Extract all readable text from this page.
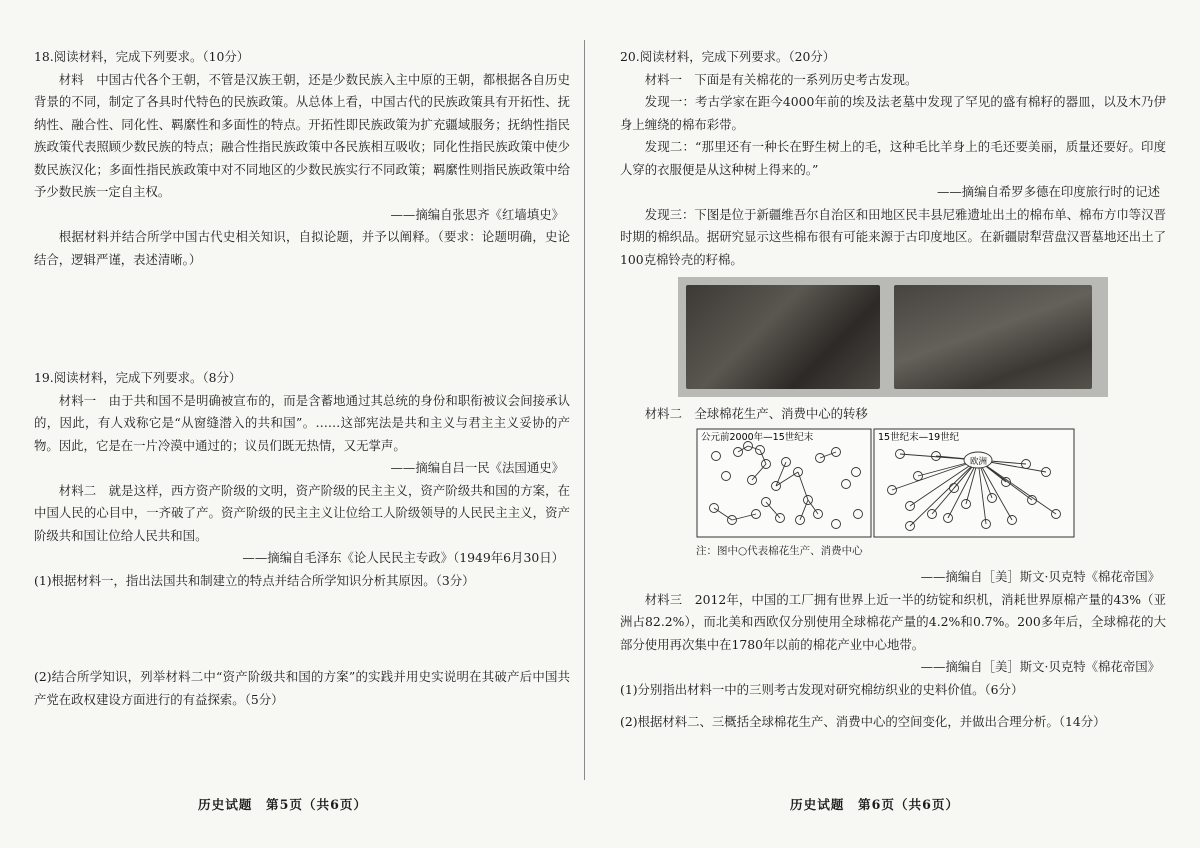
18.阅读材料，完成下列要求。（10分）

材料　中国古代各个王朝，不管是汉族王朝，还是少数民族入主中原的王朝，都根据各自历史背景的不同，制定了各具时代特色的民族政策。从总体上看，中国古代的民族政策具有开拓性、抚纳性、融合性、同化性、羁縻性和多面性的特点。开拓性即民族政策为扩充疆域服务；抚纳性指民族政策代表照顾少数民族的特点；融合性指民族政策中各民族相互吸收；同化性指民族政策中使少数民族汉化；多面性指民族政策中对不同地区的少数民族实行不同政策；羁縻性则指民族政策中给予少数民族一定自主权。

——摘编自张思齐《红墙填史》

根据材料并结合所学中国古代史相关知识，自拟论题，并予以阐释。（要求：论题明确，史论结合，逻辑严谨，表述清晰。）

19.阅读材料，完成下列要求。（8分）

材料一　由于共和国不是明确被宣布的，而是含蓄地通过其总统的身份和职衔被议会间接承认的，因此，有人戏称它是“从窗缝潜入的共和国”。……这部宪法是共和主义与君主主义妥协的产物。因此，它是在一片冷漠中通过的；议员们既无热情，又无掌声。

——摘编自吕一民《法国通史》

材料二　就是这样，西方资产阶级的文明，资产阶级的民主主义，资产阶级共和国的方案，在中国人民的心目中，一齐破了产。资产阶级的民主主义让位给工人阶级领导的人民民主主义，资产阶级共和国让位给人民共和国。

——摘编自毛泽东《论人民民主专政》（1949年6月30日）

(1)根据材料一，指出法国共和制建立的特点并结合所学知识分析其原因。（3分）

(2)结合所学知识，列举材料二中“资产阶级共和国的方案”的实践并用史实说明在其破产后中国共产党在政权建设方面进行的有益探索。（5分）

20.阅读材料，完成下列要求。（20分）

材料一　下面是有关棉花的一系列历史考古发现。

发现一：考古学家在距今4000年前的埃及法老墓中发现了罕见的盛有棉籽的器皿，以及木乃伊身上缠绕的棉布彩带。

发现二：“那里还有一种长在野生树上的毛，这种毛比羊身上的毛还要美丽，质量还要好。印度人穿的衣服便是从这种树上得来的。”

——摘编自希罗多德在印度旅行时的记述

发现三：下图是位于新疆维吾尔自治区和田地区民丰县尼雅遗址出土的棉布单、棉布方巾等汉晋时期的棉织品。据研究显示这些棉布很有可能来源于古印度地区。在新疆尉犁营盘汉晋墓地还出土了100克棉铃壳的籽棉。

材料二　全球棉花生产、消费中心的转移

公元前2000年—15世纪末	15世纪末—19世纪
欧洲

注：图中○代表棉花生产、消费中心

——摘编自［美］斯文·贝克特《棉花帝国》

材料三　2012年，中国的工厂拥有世界上近一半的纺锭和织机，消耗世界原棉产量的43%（亚洲占82.2%），而北美和西欧仅分别使用全球棉花产量的4.2%和0.7%。200多年后，全球棉花的大部分使用再次集中在1780年以前的棉花产业中心地带。

——摘编自［美］斯文·贝克特《棉花帝国》

(1)分别指出材料一中的三则考古发现对研究棉纺织业的史料价值。（6分）

(2)根据材料二、三概括全球棉花生产、消费中心的空间变化，并做出合理分析。（14分）

历史试题　第5页（共6页）	历史试题　第6页（共6页）
